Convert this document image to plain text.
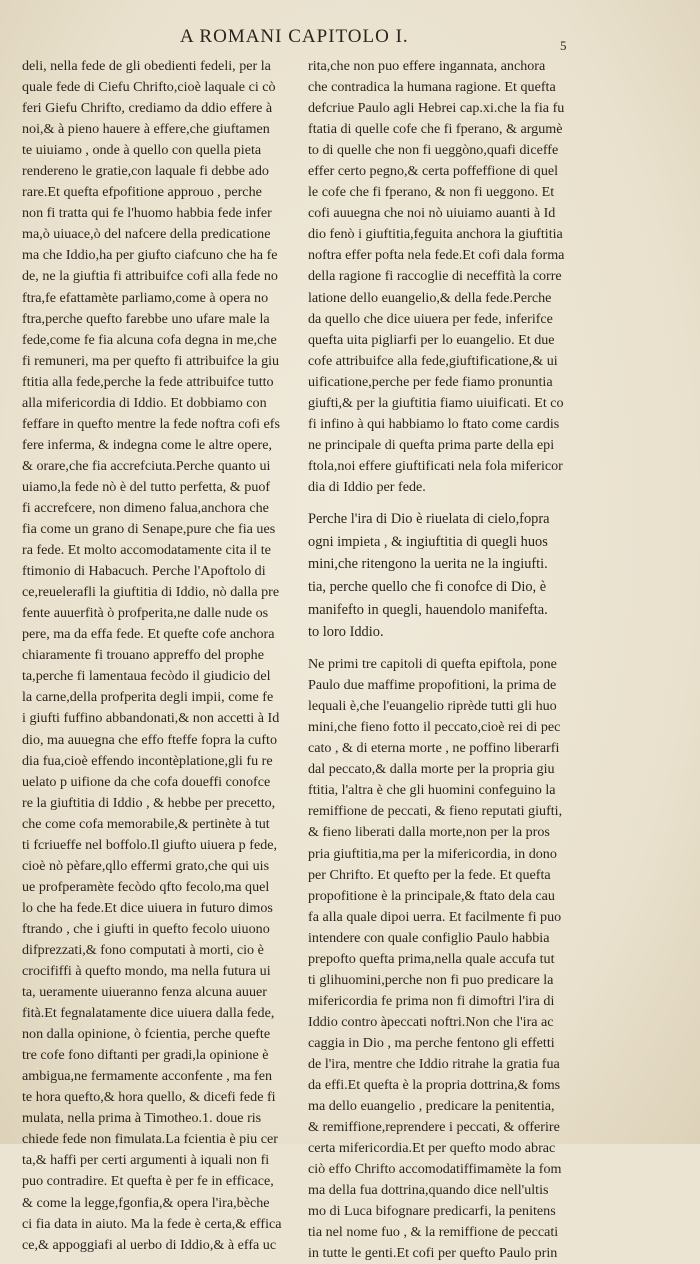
A ROMANI CAPITOLO I.	5
deli, nella fede de gli obedienti fedeli, per la
quale fede di Ciefu Chrifto,cioè laquale ci cò
feri Giefu Chrifto, crediamo da ddio effere à
noi,& à pieno hauere à effere,che giuftamen
te uiuiamo , onde à quello con quella pieta
rendereno le gratie,con laquale fi debbe ado
rare.Et quefta efpofitione approuo , perche
non fi tratta qui fe l'huomo habbia fede infer
ma,ò uiuace,ò del nafcere della predicatione
ma che Iddio,ha per giufto ciafcuno che ha fe
de, ne la giuftia fi attribuifce cofi alla fede no
ftra,fe efattamète parliamo,come à opera no
ftra,perche quefto farebbe uno ufare male la
fede,come fe fia alcuna cofa degna in me,che
fi remuneri, ma per quefto fi attribuifce la giu
ftitia alla fede,perche la fede attribuifce tutto
alla mifericordia di Iddio. Et dobbiamo con
feffare in quefto mentre la fede noftra cofi efs
fere inferma, & indegna come le altre opere,
& orare,che fia accrefciuta.Perche quanto ui
uiamo,la fede nò è del tutto perfetta, & puof
fi accrefcere, non dimeno falua,anchora che
fia come un grano di Senape,pure che fia ues
ra fede. Et molto accomodatamente cita il te
ftimonio di Habacuch. Perche l'Apoftolo di
ce,reuelerafli la giuftitia di Iddio, nò dalla pre
fente auuerfità ò profperita,ne dalle nude os
pere, ma da effa fede. Et quefte cofe anchora
chiaramente fi trouano appreffo del prophe
ta,perche fi lamentaua fecòdo il giudicio del
la carne,della profperita degli impii, come fe
i giufti fuffino abbandonati,& non accetti à Id
dio, ma auuegna che effo fteffe fopra la cufto
dia fua,cioè effendo incontèplatione,gli fu re
uelato p uifione da che cofa doueffi conofce
re la giuftitia di Iddio , & hebbe per precetto,
che come cofa memorabile,& pertinète à tut
ti fcriueffe nel boffolo.Il giufto uiuera p fede,
cioè nò pèfare,qllo effermi grato,che qui uis
ue profperamète fecòdo qfto fecolo,ma quel
lo che ha fede.Et dice uiuera in futuro dimos
ftrando , che i giufti in quefto fecolo uiuono
difprezzati,& fono computati à morti, cio è
crocififfi à quefto mondo, ma nella futura ui
ta, ueramente uiueranno fenza alcuna auuer
fità.Et fegnalatamente dice uiuera dalla fede,
non dalla opinione, ò fcientia, perche quefte
tre cofe fono diftanti per gradi,la opinione è
ambigua,ne fermamente acconfente , ma fen
te hora quefto,& hora quello, & dicefi fede fi
mulata, nella prima à Timotheo.1. doue ris
chiede fede non fimulata.La fcientia è piu cer
ta,& haffi per certi argumenti à iquali non fi
puo contradire. Et quefta è per fe in efficace,
& come la legge,fgonfia,& opera l'ira,bèche
ci fia data in aiuto. Ma la fede è certa,& effica
ce,& appoggiafi al uerbo di Iddio,& à effa uc
rita,che non puo effere ingannata, anchora
che contradica la humana ragione. Et quefta
defcriue Paulo agli Hebrei cap.xi.che la fia fu
ftatia di quelle cofe che fi fperano, & argumè
to di quelle che non fi ueggòno,quafi diceffe
effer certo pegno,& certa poffeffione di quel
le cofe che fi fperano, & non fi ueggono. Et
cofi auuegna che noi nò uiuiamo auanti à Id
dio fenò i giuftitia,feguita anchora la giuftitia
noftra effer pofta nela fede.Et cofi dala forma
della ragione fi raccoglie di neceffità la corre
latione dello euangelio,& della fede.Perche
da quello che dice uiuera per fede, inferifce
quefta uita pigliarfi per lo euangelio. Et due
cofe attribuifce alla fede,giuftificatione,& ui
uificatione,perche per fede fiamo pronuntia
giufti,& per la giuftitia fiamo uiuificati. Et co
fi infino à qui habbiamo lo ftato come cardis
ne principale di quefta prima parte della epi
ftola,noi effere giuftificati nela fola mifericor
dia di Iddio per fede.
Perche l'ira di Dio è riuelata di cielo,fopra
ogni impieta , & ingiuftitia di quegli huos
mini,che ritengono la uerita ne la ingiufti.
tia, perche quello che fi conofce di Dio, è
manifefto in quegli, hauendolo manifefta.
to loro Iddio.
Ne primi tre capitoli di quefta epiftola, pone
Paulo due maffime propofitioni, la prima de
lequali è,che l'euangelio riprède tutti gli huo
mini,che fieno fotto il peccato,cioè rei di pec
cato , & di eterna morte , ne poffino liberarfi
dal peccato,& dalla morte per la propria giu
ftitia, l'altra è che gli huomini confeguino la
remiffione de peccati, & fieno reputati giufti,
& fieno liberati dalla morte,non per la pros
pria giuftitia,ma per la mifericordia, in dono
per Chrifto. Et quefto per la fede. Et quefta
propofitione è la principale,& ftato dela cau
fa alla quale dipoi uerra. Et facilmente fi puo
intendere con quale configlio Paulo habbia
prepofto quefta prima,nella quale accufa tut
ti glihuomini,perche non fi puo predicare la
mifericordia fe prima non fi dimoftri l'ira di
Iddio contro àpeccati noftri.Non che l'ira ac
caggia in Dio , ma perche fentono gli effetti
de l'ira, mentre che Iddio ritrahe la gratia fua
da effi.Et quefta è la propria dottrina,& foms
ma dello euangelio , predicare la penitentia,
& remiffione,reprendere i peccati, & offerire
certa mifericordia.Et per quefto modo abrac
ciò effo Chrifto accomodatiffimamète la fom
ma della fua dottrina,quando dice nell'ultis
mo di Luca bifognare predicarfi, la penitens
tia nel nome fuo , & la remiffione de peccati
in tutte le genti.Et cofi per quefto Paulo prin
